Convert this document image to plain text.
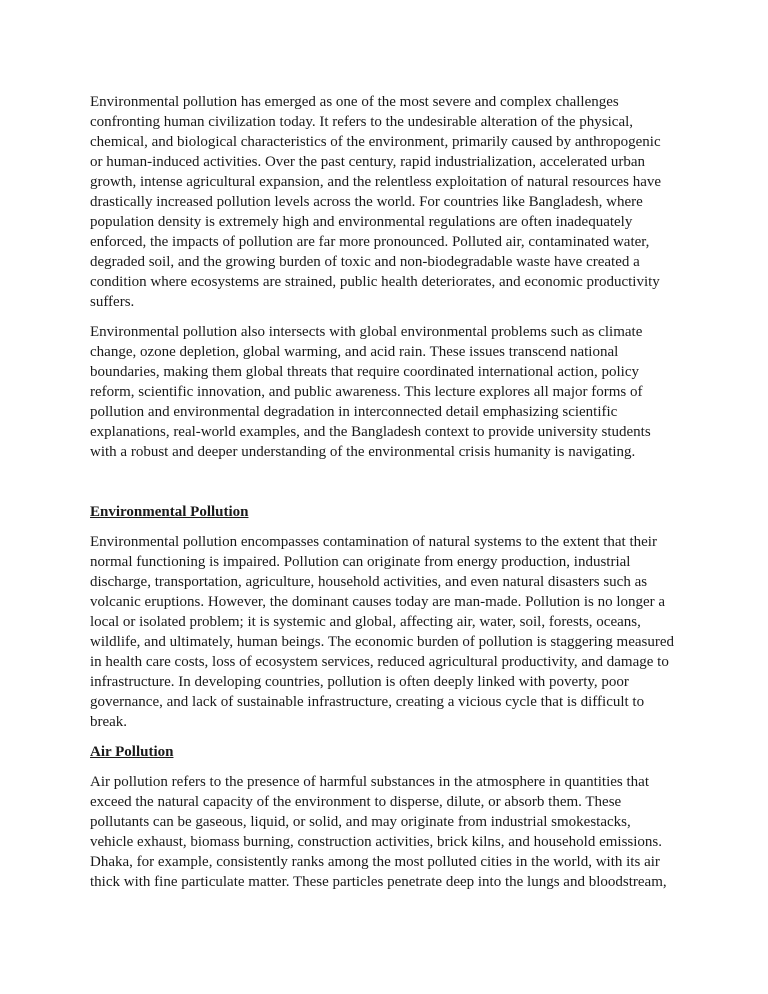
Environmental pollution has emerged as one of the most severe and complex challenges
confronting human civilization today. It refers to the undesirable alteration of the physical,
chemical, and biological characteristics of the environment, primarily caused by anthropogenic
or human-induced activities. Over the past century, rapid industrialization, accelerated urban
growth, intense agricultural expansion, and the relentless exploitation of natural resources have
drastically increased pollution levels across the world. For countries like Bangladesh, where
population density is extremely high and environmental regulations are often inadequately
enforced, the impacts of pollution are far more pronounced. Polluted air, contaminated water,
degraded soil, and the growing burden of toxic and non-biodegradable waste have created a
condition where ecosystems are strained, public health deteriorates, and economic productivity
suffers.
Environmental pollution also intersects with global environmental problems such as climate
change, ozone depletion, global warming, and acid rain. These issues transcend national
boundaries, making them global threats that require coordinated international action, policy
reform, scientific innovation, and public awareness. This lecture explores all major forms of
pollution and environmental degradation in interconnected detail emphasizing scientific
explanations, real-world examples, and the Bangladesh context to provide university students
with a robust and deeper understanding of the environmental crisis humanity is navigating.
Environmental Pollution
Environmental pollution encompasses contamination of natural systems to the extent that their
normal functioning is impaired. Pollution can originate from energy production, industrial
discharge, transportation, agriculture, household activities, and even natural disasters such as
volcanic eruptions. However, the dominant causes today are man-made. Pollution is no longer a
local or isolated problem; it is systemic and global, affecting air, water, soil, forests, oceans,
wildlife, and ultimately, human beings. The economic burden of pollution is staggering measured
in health care costs, loss of ecosystem services, reduced agricultural productivity, and damage to
infrastructure. In developing countries, pollution is often deeply linked with poverty, poor
governance, and lack of sustainable infrastructure, creating a vicious cycle that is difficult to
break.
Air Pollution
Air pollution refers to the presence of harmful substances in the atmosphere in quantities that
exceed the natural capacity of the environment to disperse, dilute, or absorb them. These
pollutants can be gaseous, liquid, or solid, and may originate from industrial smokestacks,
vehicle exhaust, biomass burning, construction activities, brick kilns, and household emissions.
Dhaka, for example, consistently ranks among the most polluted cities in the world, with its air
thick with fine particulate matter. These particles penetrate deep into the lungs and bloodstream,
